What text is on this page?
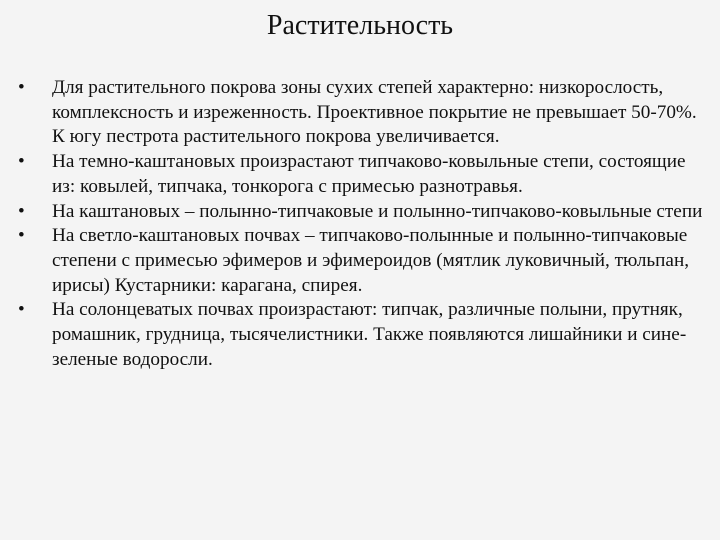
Растительность
•	Для растительного покрова зоны сухих степей характерно: низкорослость, комплексность и изреженность. Проективное покрытие не превышает 50-70%. К югу пестрота растительного покрова увеличивается.
•	На темно-каштановых произрастают типчаково-ковыльные степи, состоящие из: ковылей, типчака, тонкорога с примесью разнотравья.
•	На каштановых – полынно-типчаковые и полынно-типчаково-ковыльные степи
•	На светло-каштановых почвах – типчаково-полынные и полынно-типчаковые степени с примесью эфимеров и эфимероидов (мятлик луковичный, тюльпан, ирисы) Кустарники: карагана, спирея.
•	На солонцеватых почвах произрастают: типчак, различные полыни, прутняк, ромашник, грудница, тысячелистники. Также появляются лишайники и сине-зеленые водоросли.
